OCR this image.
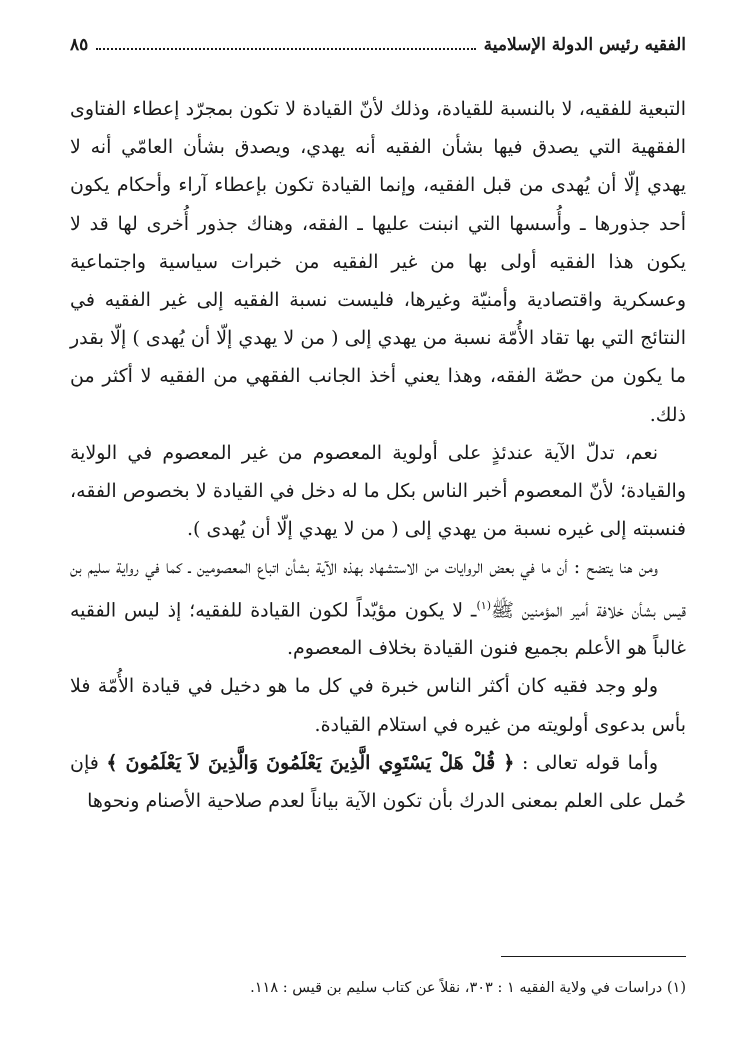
الفقيه رئيس الدولة الإسلامية
٨٥

التبعية للفقيه، لا بالنسبة للقيادة، وذلك لأنّ القيادة لا تكون بمجرّد إعطاء الفتاوى الفقهية التي يصدق فيها بشأن الفقيه أنه يهدي، ويصدق بشأن العامّي أنه لا يهدي إلّا أن يُهدى من قبل الفقيه، وإنما القيادة تكون بإعطاء آراء وأحكام يكون أحد جذورها ـ وأُسسها التي انبنت عليها ـ الفقه، وهناك جذور أُخرى لها قد لا يكون هذا الفقيه أولى بها من غير الفقيه من خبرات سياسية واجتماعية وعسكرية واقتصادية وأمنيّة وغيرها، فليست نسبة الفقيه إلى غير الفقيه في النتائج التي بها تقاد الأُمّة نسبة من يهدي إلى ( من لا يهدي إلّا أن يُهدى ) إلّا بقدر ما يكون من حصّة الفقه، وهذا يعني أخذ الجانب الفقهي من الفقيه لا أكثر من ذلك.

نعم، تدلّ الآية عندئذٍ على أولوية المعصوم من غير المعصوم في الولاية والقيادة؛ لأنّ المعصوم أخبر الناس بكل ما له دخل في القيادة لا بخصوص الفقه، فنسبته إلى غيره نسبة من يهدي إلى ( من لا يهدي إلّا أن يُهدى ).

ومن هنا يتضح : أن ما في بعض الروايات من الاستشهاد بهذه الآية بشأن اتباع المعصومين ـ كما في رواية سليم بن قيس بشأن خلافة أمير المؤمنين ﷺ$^{(١)}$ـ لا يكون مؤيّداً لكون القيادة للفقيه؛ إذ ليس الفقيه غالباً هو الأعلم بجميع فنون القيادة بخلاف المعصوم.

ولو وجد فقيه كان أكثر الناس خبرة في كل ما هو دخيل في قيادة الأُمّة فلا بأس بدعوى أولويته من غيره في استلام القيادة.

وأما قوله تعالى : ﴿ قُلْ هَلْ يَسْتَوِي الَّذِينَ يَعْلَمُونَ وَالَّذِينَ لاَ يَعْلَمُونَ ﴾ فإن حُمل على العلم بمعنى الدرك بأن تكون الآية بياناً لعدم صلاحية الأصنام ونحوها

(١) دراسات في ولاية الفقيه ١ : ٣٠٣، نقلاً عن كتاب سليم بن قيس : ١١٨.
